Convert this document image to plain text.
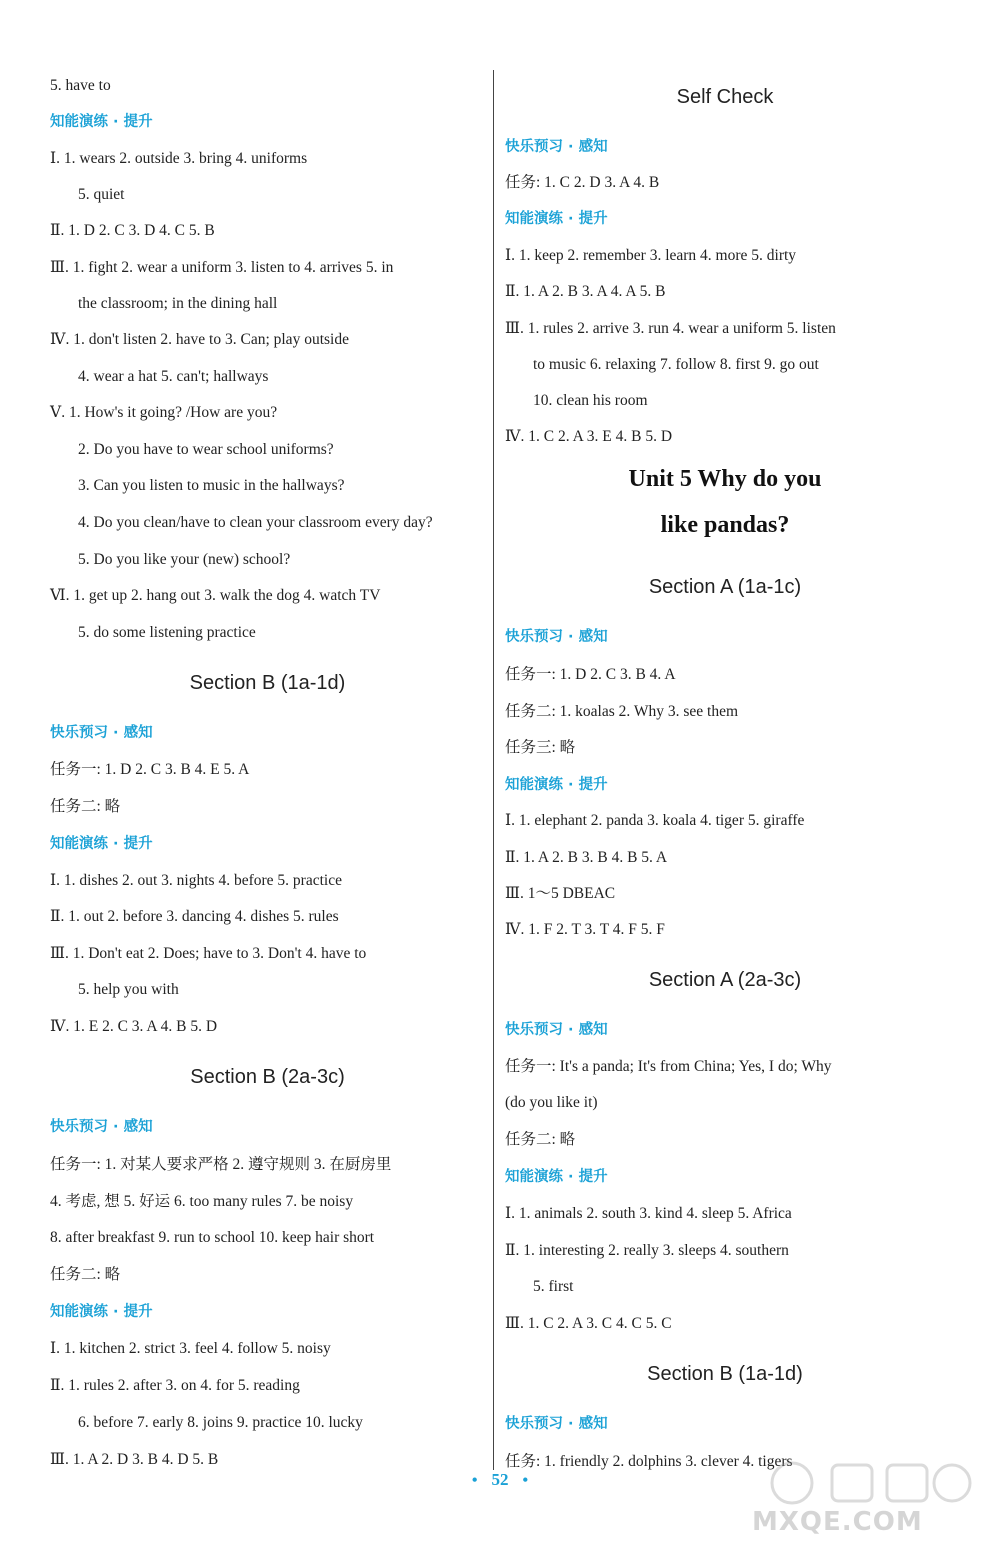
5. have to
知能演练 · 提升
Ⅰ. 1. wears 2. outside 3. bring 4. uniforms
5. quiet
Ⅱ. 1. D 2. C 3. D 4. C 5. B
Ⅲ. 1. fight 2. wear a uniform 3. listen to 4. arrives 5. in
the classroom; in the dining hall
Ⅳ. 1. don't listen 2. have to 3. Can; play outside
4. wear a hat 5. can't; hallways
Ⅴ. 1. How's it going? /How are you?
2. Do you have to wear school uniforms?
3. Can you listen to music in the hallways?
4. Do you clean/have to clean your classroom every day?
5. Do you like your (new) school?
Ⅵ. 1. get up 2. hang out 3. walk the dog 4. watch TV
5. do some listening practice
Section B (1a-1d)
快乐预习 · 感知
任务一: 1. D 2. C 3. B 4. E 5. A
任务二: 略
知能演练 · 提升
Ⅰ. 1. dishes 2. out 3. nights 4. before 5. practice
Ⅱ. 1. out 2. before 3. dancing 4. dishes 5. rules
Ⅲ. 1. Don't eat 2. Does; have to 3. Don't 4. have to
5. help you with
Ⅳ. 1. E 2. C 3. A 4. B 5. D
Section B (2a-3c)
快乐预习 · 感知
任务一: 1. 对某人要求严格 2. 遵守规则 3. 在厨房里
4. 考虑, 想 5. 好运 6. too many rules 7. be noisy
8. after breakfast 9. run to school 10. keep hair short
任务二: 略
知能演练 · 提升
Ⅰ. 1. kitchen 2. strict 3. feel 4. follow 5. noisy
Ⅱ. 1. rules 2. after 3. on 4. for 5. reading
6. before 7. early 8. joins 9. practice 10. lucky
Ⅲ. 1. A 2. D 3. B 4. D 5. B
Self Check
快乐预习 · 感知
任务: 1. C 2. D 3. A 4. B
知能演练 · 提升
Ⅰ. 1. keep 2. remember 3. learn 4. more 5. dirty
Ⅱ. 1. A 2. B 3. A 4. A 5. B
Ⅲ. 1. rules 2. arrive 3. run 4. wear a uniform 5. listen
to music 6. relaxing 7. follow 8. first 9. go out
10. clean his room
Ⅳ. 1. C 2. A 3. E 4. B 5. D
Unit 5 Why do you
like pandas?
Section A (1a-1c)
快乐预习 · 感知
任务一: 1. D 2. C 3. B 4. A
任务二: 1. koalas 2. Why 3. see them
任务三: 略
知能演练 · 提升
Ⅰ. 1. elephant 2. panda 3. koala 4. tiger 5. giraffe
Ⅱ. 1. A 2. B 3. B 4. B 5. A
Ⅲ. 1～5 DBEAC
Ⅳ. 1. F 2. T 3. T 4. F 5. F
Section A (2a-3c)
快乐预习 · 感知
任务一: It's a panda; It's from China; Yes, I do; Why
(do you like it)
任务二: 略
知能演练 · 提升
Ⅰ. 1. animals 2. south 3. kind 4. sleep 5. Africa
Ⅱ. 1. interesting 2. really 3. sleeps 4. southern
5. first
Ⅲ. 1. C 2. A 3. C 4. C 5. C
Section B (1a-1d)
快乐预习 · 感知
任务: 1. friendly 2. dolphins 3. clever 4. tigers
• 52 •
MXQE.COM
